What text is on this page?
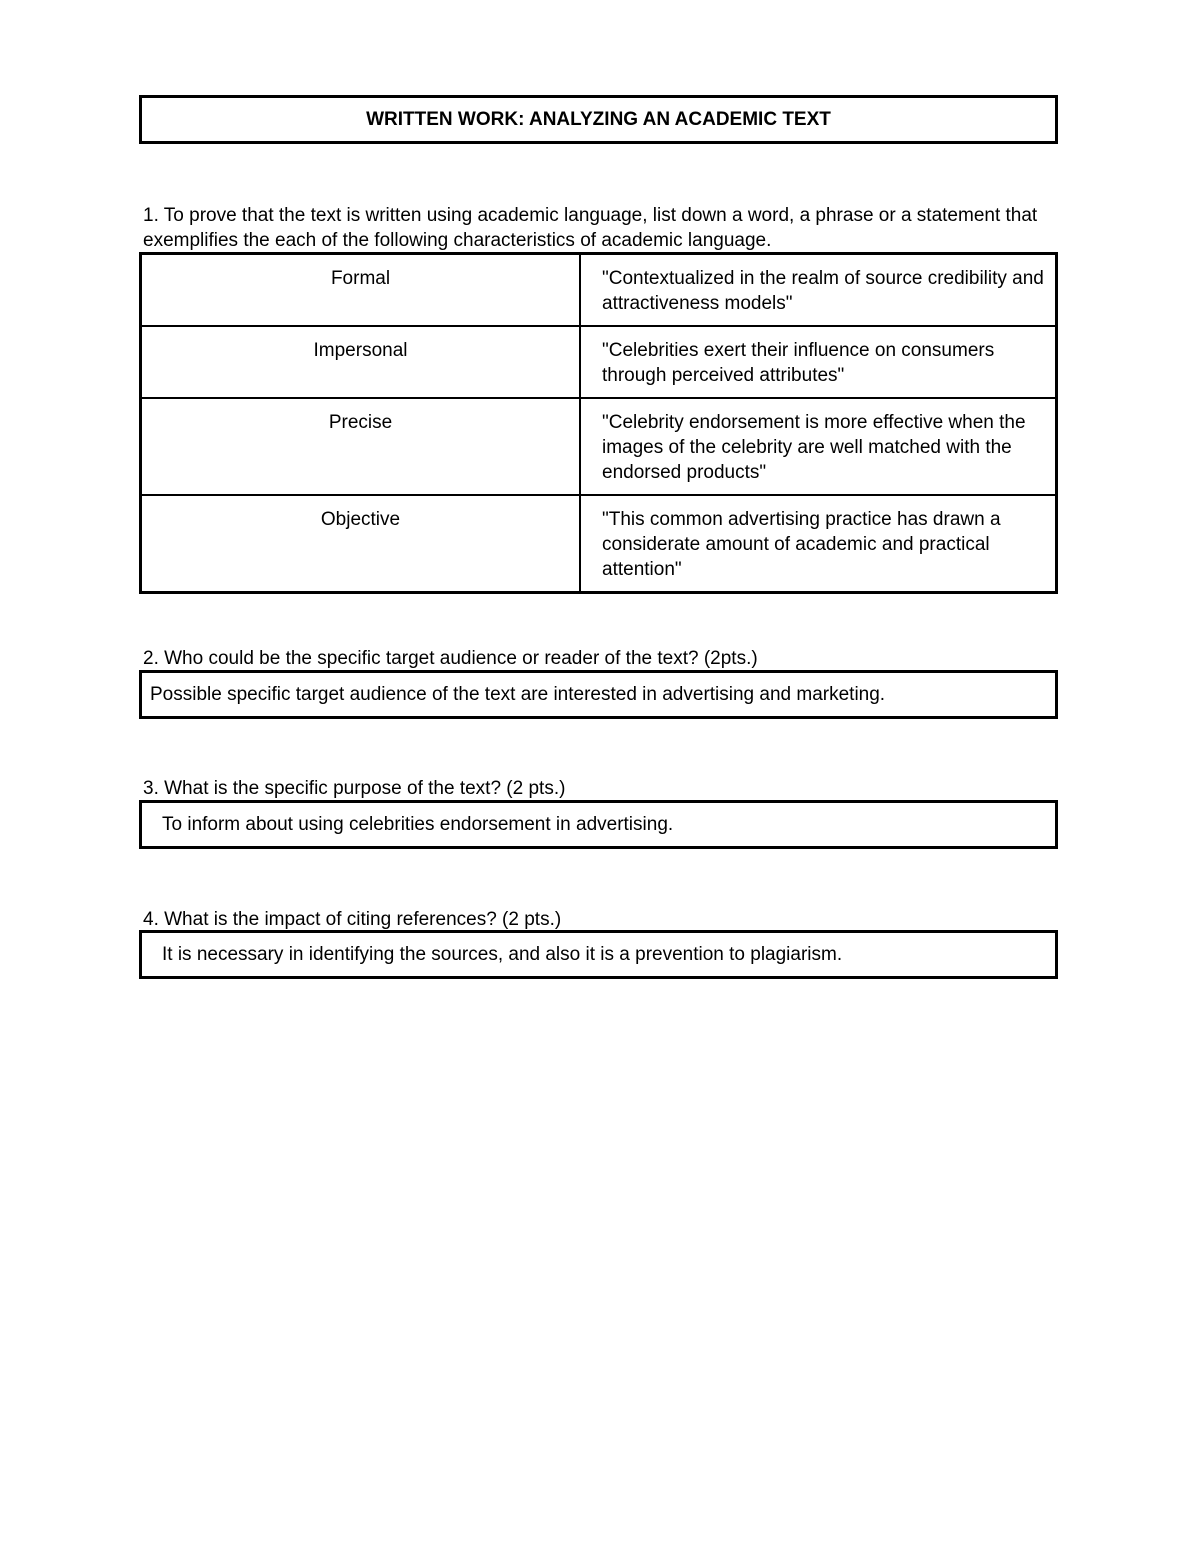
WRITTEN WORK: ANALYZING AN ACADEMIC TEXT
1. To prove that the text is written using academic language, list down a word, a phrase or a statement that exemplifies the each of the following characteristics of academic language.
Formal	"Contextualized in the realm of source credibility and attractiveness models"
Impersonal	"Celebrities exert their influence on consumers through perceived attributes"
Precise	"Celebrity endorsement is more effective when the images of the celebrity are well matched with the endorsed products"
Objective	"This common advertising practice has drawn a considerate amount of academic and practical attention"
2. Who could be the specific target audience or reader of the text? (2pts.)
Possible specific target audience of the text are interested in advertising and marketing.
3. What is the specific purpose of the text? (2 pts.)
To inform about using celebrities endorsement in advertising.
4. What is the impact of citing references? (2 pts.)
It is necessary in identifying the sources, and also it is a prevention to plagiarism.
